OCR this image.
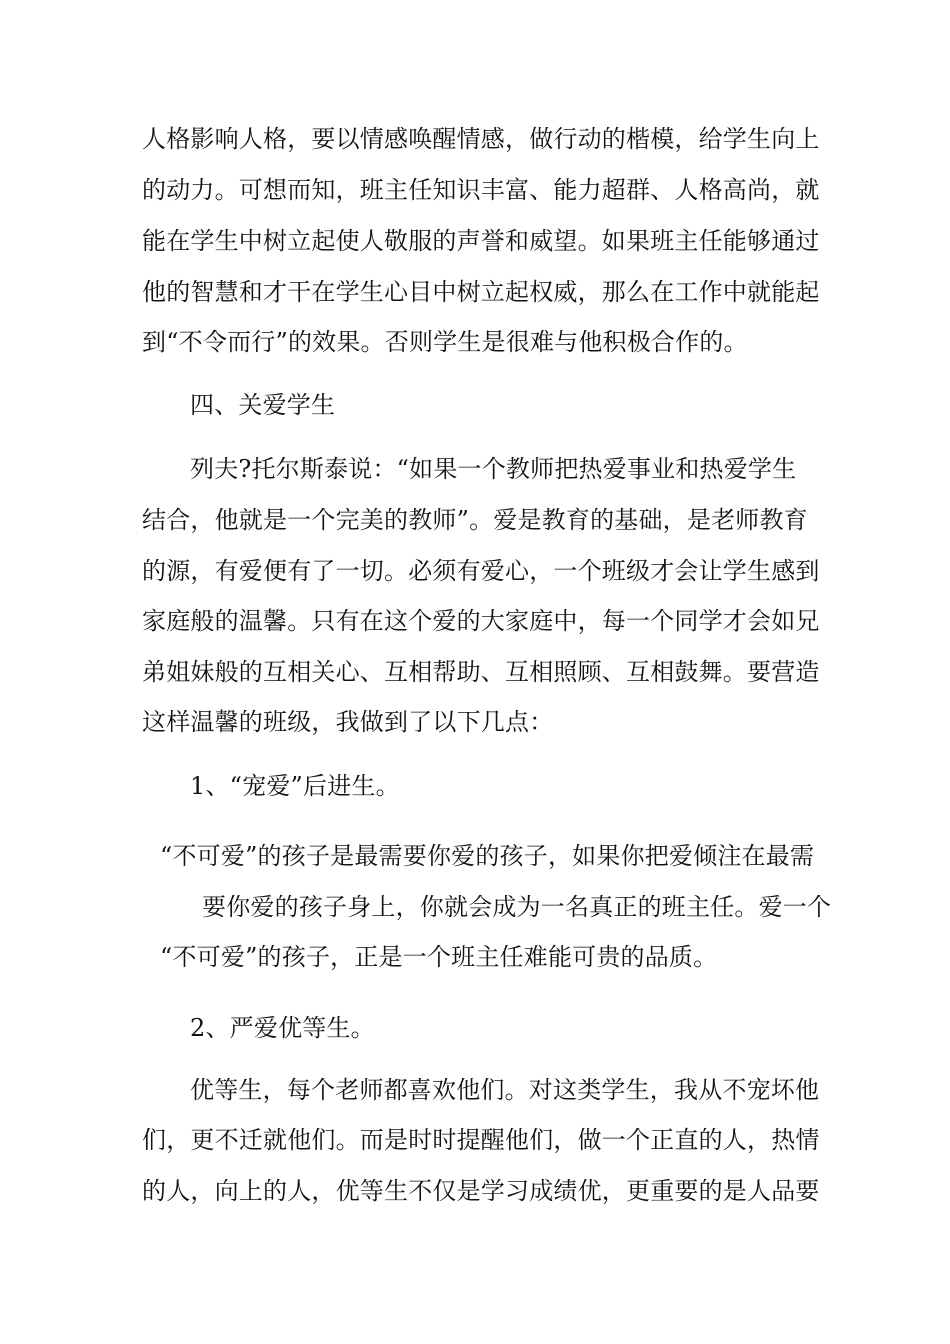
人格影响人格，要以情感唤醒情感，做行动的楷模，给学生向上
的动力。可想而知，班主任知识丰富、能力超群、人格高尚，就
能在学生中树立起使人敬服的声誉和威望。如果班主任能够通过
他的智慧和才干在学生心目中树立起权威，那么在工作中就能起
到“不令而行”的效果。否则学生是很难与他积极合作的。
四、关爱学生
列夫?托尔斯泰说：“如果一个教师把热爱事业和热爱学生
结合，他就是一个完美的教师”。爱是教育的基础，是老师教育
的源，有爱便有了一切。必须有爱心，一个班级才会让学生感到
家庭般的温馨。只有在这个爱的大家庭中，每一个同学才会如兄
弟姐妹般的互相关心、互相帮助、互相照顾、互相鼓舞。要营造
这样温馨的班级，我做到了以下几点：
1、“宠爱”后进生。
“不可爱”的孩子是最需要你爱的孩子，如果你把爱倾注在最需
要你爱的孩子身上，你就会成为一名真正的班主任。爱一个
“不可爱”的孩子，正是一个班主任难能可贵的品质。
2、严爱优等生。
优等生，每个老师都喜欢他们。对这类学生，我从不宠坏他
们，更不迁就他们。而是时时提醒他们，做一个正直的人，热情
的人，向上的人，优等生不仅是学习成绩优，更重要的是人品要
